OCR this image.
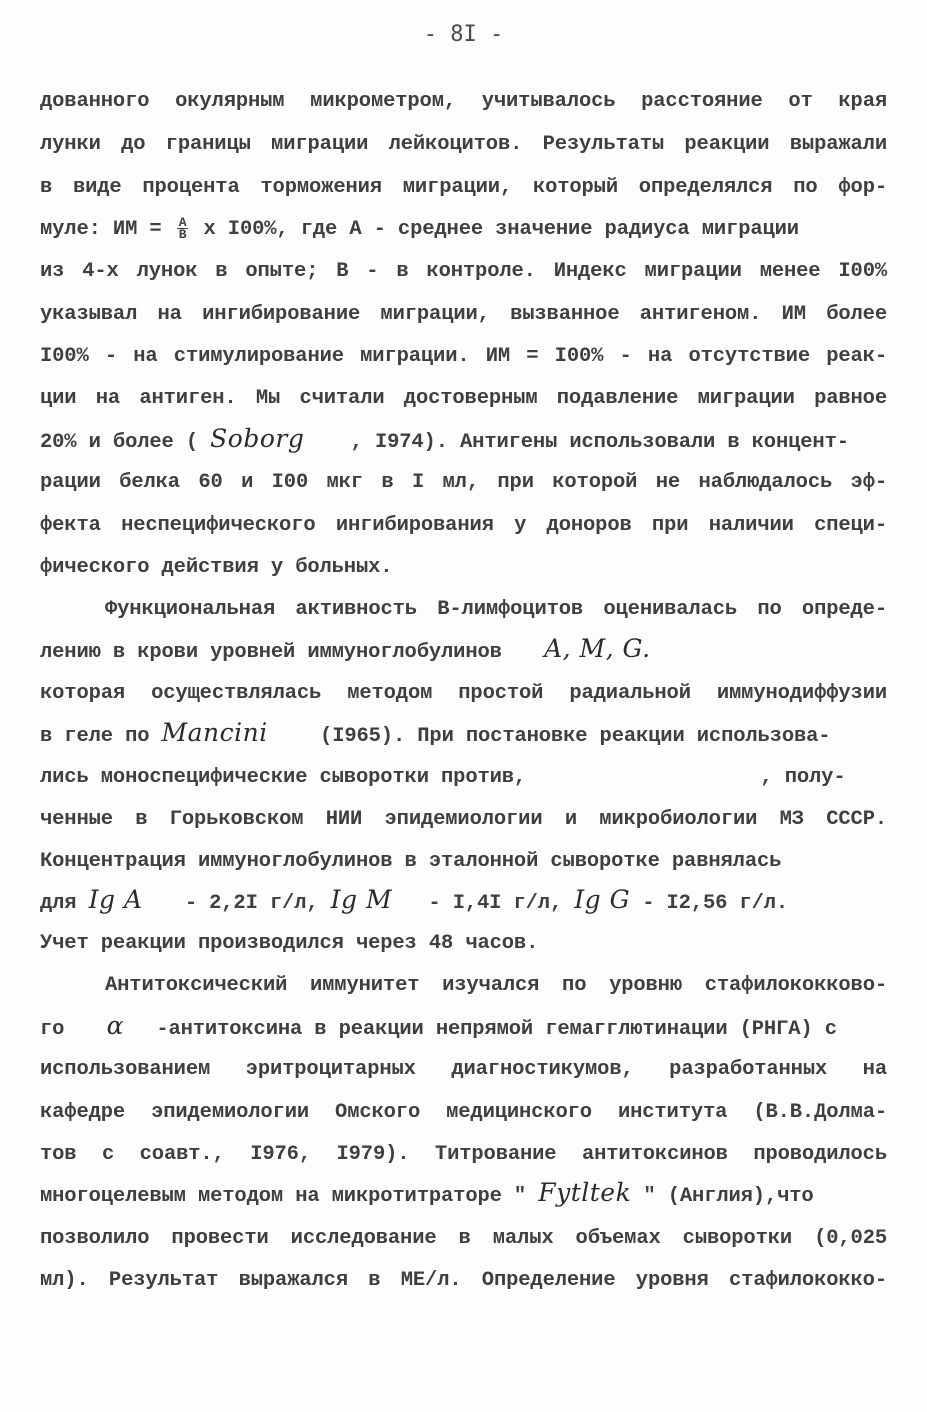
- 8I -
дованного окулярным микрометром, учитывалось расстояние от края
лунки до границы миграции лейкоцитов. Результаты реакции выражали
в виде процента торможения миграции, который определялся по фор-
муле: ИМ = $\frac{A}{B}$ x I00%, где A - среднее значение радиуса миграции
из 4-х лунок в опыте; B - в контроле. Индекс миграции менее I00%
указывал на ингибирование миграции, вызванное антигеном. ИМ более
I00% - на стимулирование миграции. ИМ = I00% - на отсутствие реак-
ции на антиген. Мы считали достоверным подавление миграции равное
20% и более ( Soborg , I974). Антигены использовали в концент-
рации белка 60 и I00 мкг в I мл, при которой не наблюдалось эф-
фекта неспецифического ингибирования у доноров при наличии специ-
фического действия у больных.
Функциональная активность В-лимфоцитов оценивалась по опреде-
лению в крови уровней иммуноглобулинов A, M, G.
которая осуществлялась методом простой радиальной иммунодиффузии
в геле по Mancini	(I965). При постановке реакции использова-
лись моноспецифические сыворотки против,	, полу-
ченные в Горьковском НИИ эпидемиологии и микробиологии МЗ СССР.
Концентрация иммуноглобулинов в эталонной сыворотке равнялась
для Ig A - 2,2I г/л, Ig M - I,4I г/л, Ig G - I2,56 г/л.
Учет реакции производился через 48 часов.
Антитоксический иммунитет изучался по уровню стафилококково-
го α -антитоксина в реакции непрямой гемагглютинации (РНГА) с
использованием эритроцитарных диагностикумов, разработанных на
кафедре эпидемиологии Омского медицинского института (В.В.Долма-
тов с соавт., I976, I979). Титрование антитоксинов проводилось
многоцелевым методом на микротитраторе " Fytltek " (Англия),что
позволило провести исследование в малых объемах сыворотки (0,025
мл). Результат выражался в МЕ/л. Определение уровня стафилококко-
